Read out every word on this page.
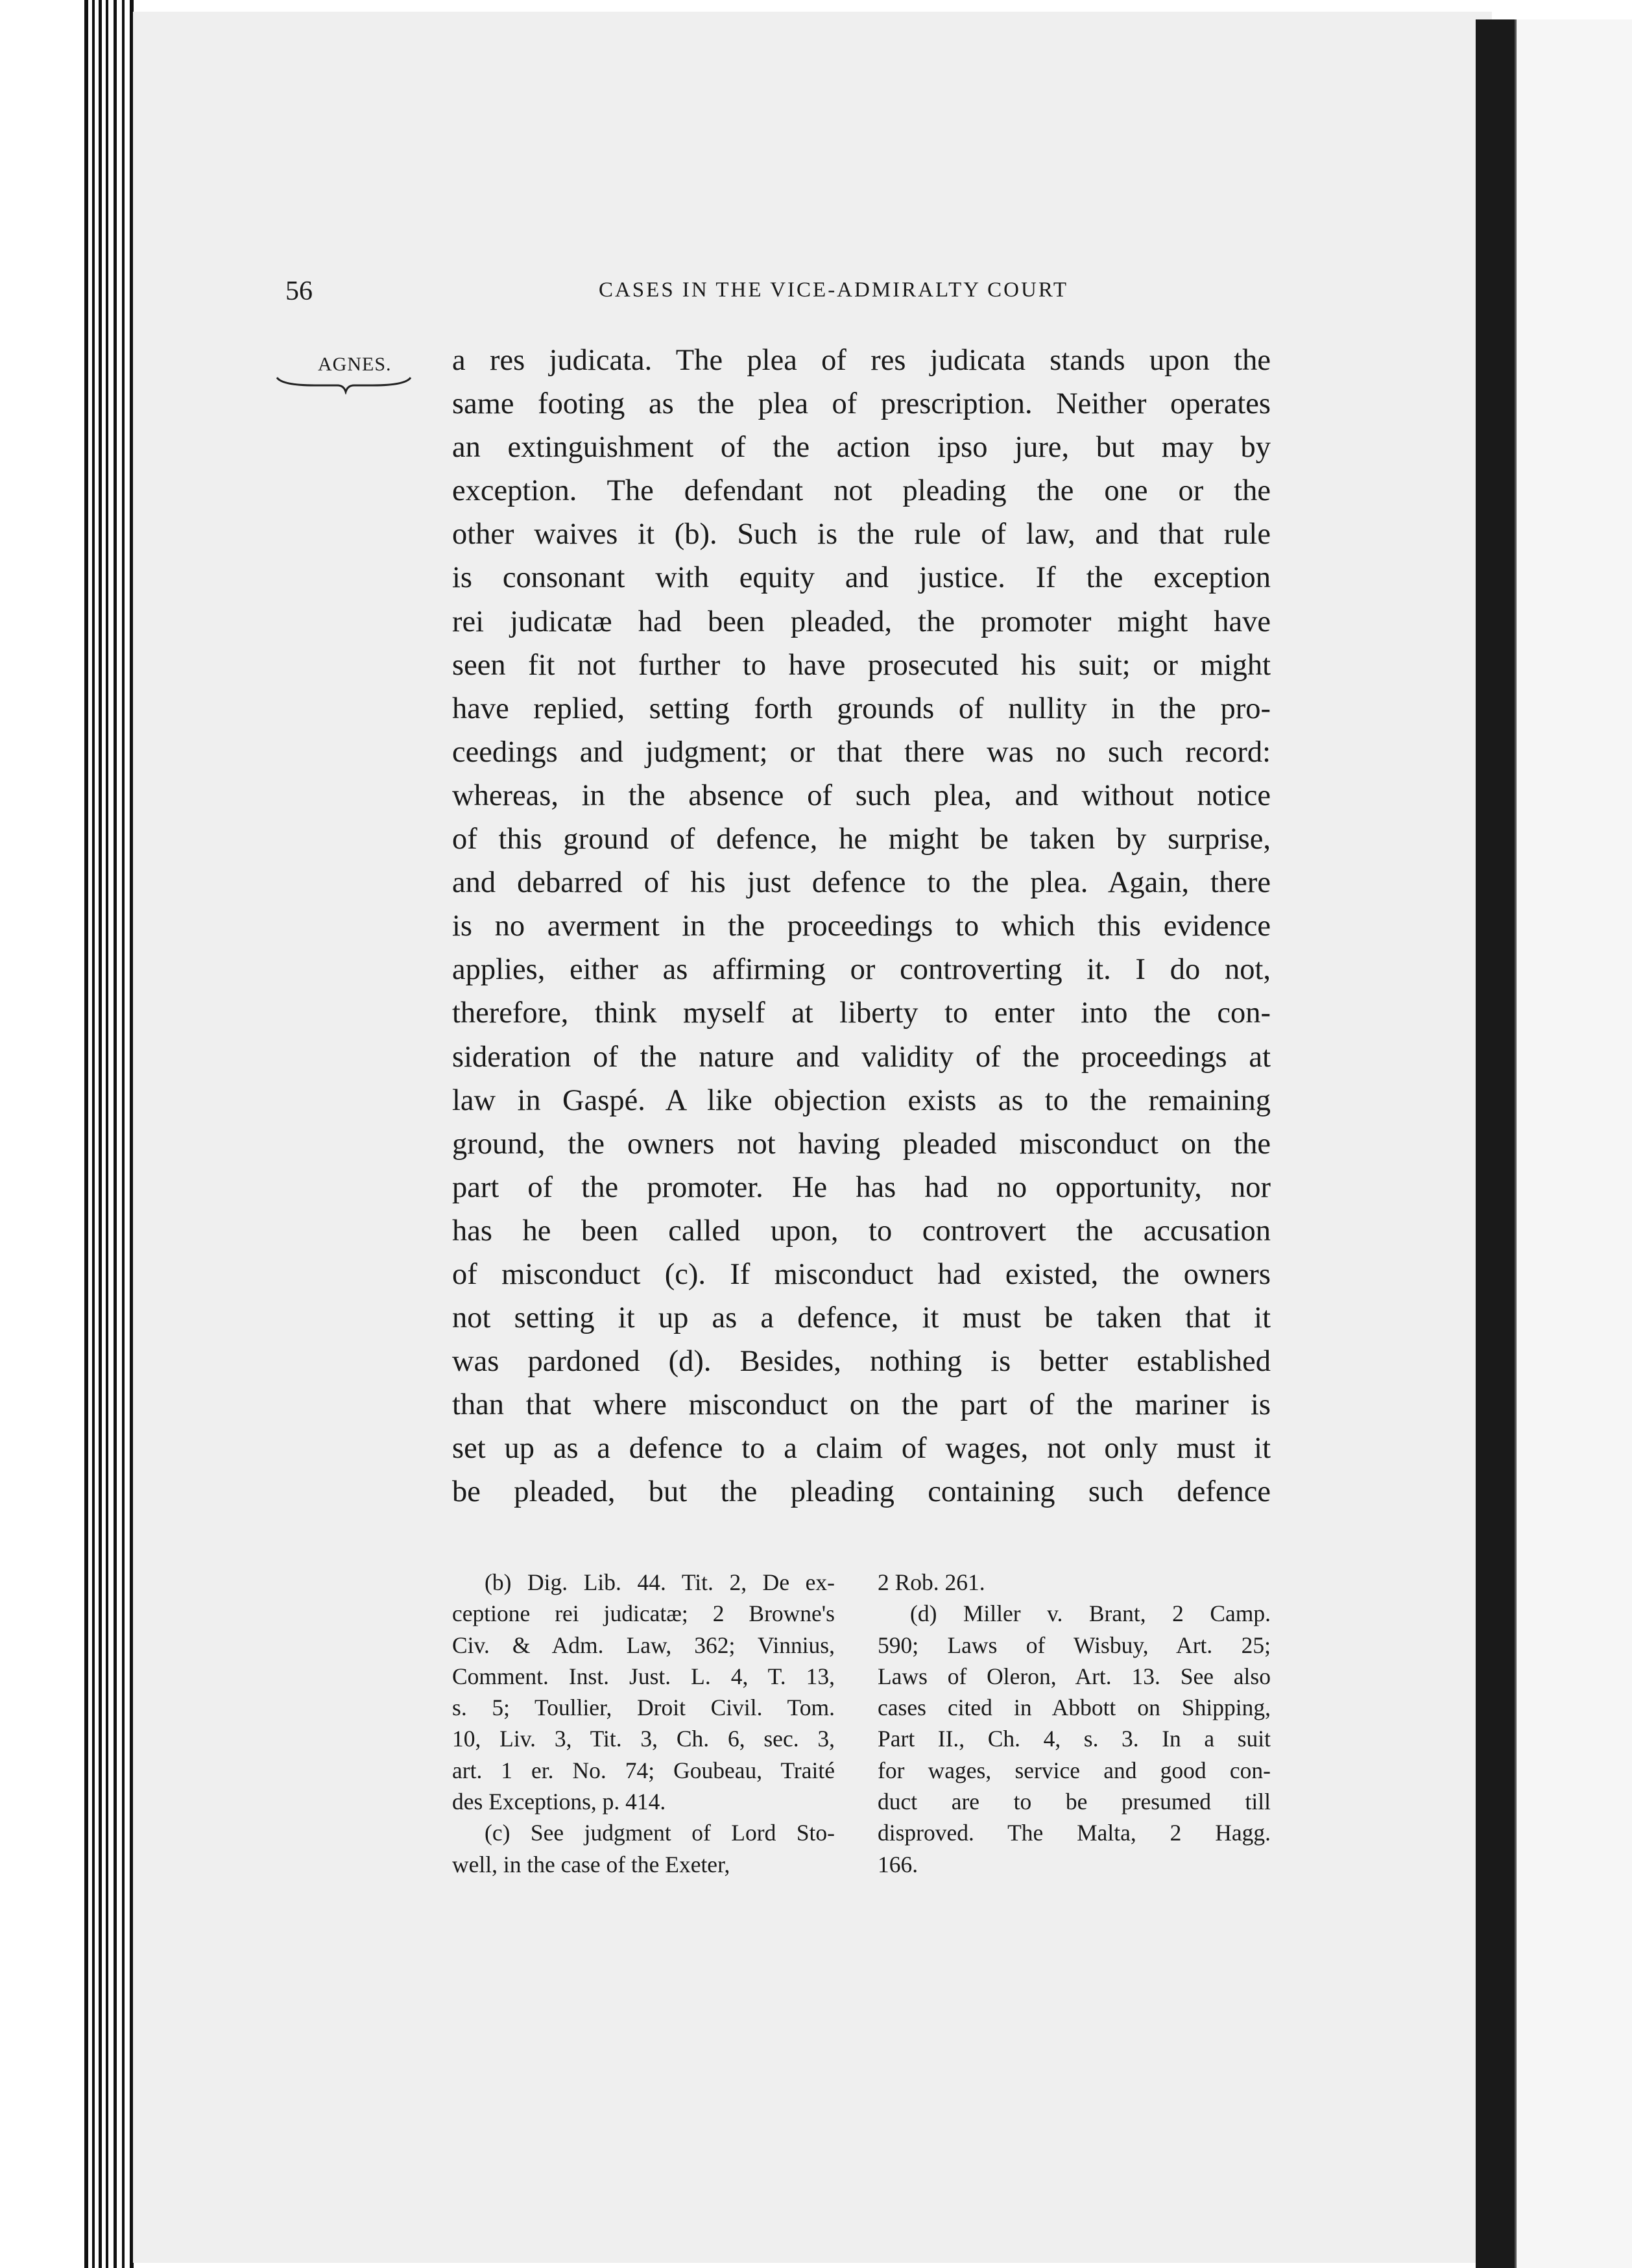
56	CASES IN THE VICE-ADMIRALTY COURT
AGNES. a res judicata. The plea of res judicata stands upon the
same footing as the plea of prescription. Neither operates
an extinguishment of the action ipso jure, but may by
exception. The defendant not pleading the one or the
other waives it (b). Such is the rule of law, and that rule
is consonant with equity and justice. If the exception
rei judicatæ had been pleaded, the promoter might have
seen fit not further to have prosecuted his suit; or might
have replied, setting forth grounds of nullity in the pro-
ceedings and judgment; or that there was no such record:
whereas, in the absence of such plea, and without notice
of this ground of defence, he might be taken by surprise,
and debarred of his just defence to the plea. Again, there
is no averment in the proceedings to which this evidence
applies, either as affirming or controverting it. I do not,
therefore, think myself at liberty to enter into the con-
sideration of the nature and validity of the proceedings at
law in Gaspé. A like objection exists as to the remaining
ground, the owners not having pleaded misconduct on the
part of the promoter. He has had no opportunity, nor
has he been called upon, to controvert the accusation
of misconduct (c). If misconduct had existed, the owners
not setting it up as a defence, it must be taken that it
was pardoned (d). Besides, nothing is better established
than that where misconduct on the part of the mariner is
set up as a defence to a claim of wages, not only must it
be pleaded, but the pleading containing such defence
(b) Dig. Lib. 44. Tit. 2, De ex-
ceptione rei judicatæ; 2 Browne's
Civ. & Adm. Law, 362; Vinnius,
Comment. Inst. Just. L. 4, T. 13,
s. 5; Toullier, Droit Civil. Tom.
10, Liv. 3, Tit. 3, Ch. 6, sec. 3,
art. 1 er. No. 74; Goubeau, Traité
des Exceptions, p. 414.
(c) See judgment of Lord Sto-
well, in the case of the Exeter,
2 Rob. 261.
(d) Miller v. Brant, 2 Camp.
590; Laws of Wisbuy, Art. 25;
Laws of Oleron, Art. 13. See also
cases cited in Abbott on Shipping,
Part II., Ch. 4, s. 3. In a suit
for wages, service and good con-
duct are to be presumed till
disproved. The Malta, 2 Hagg.
166.
